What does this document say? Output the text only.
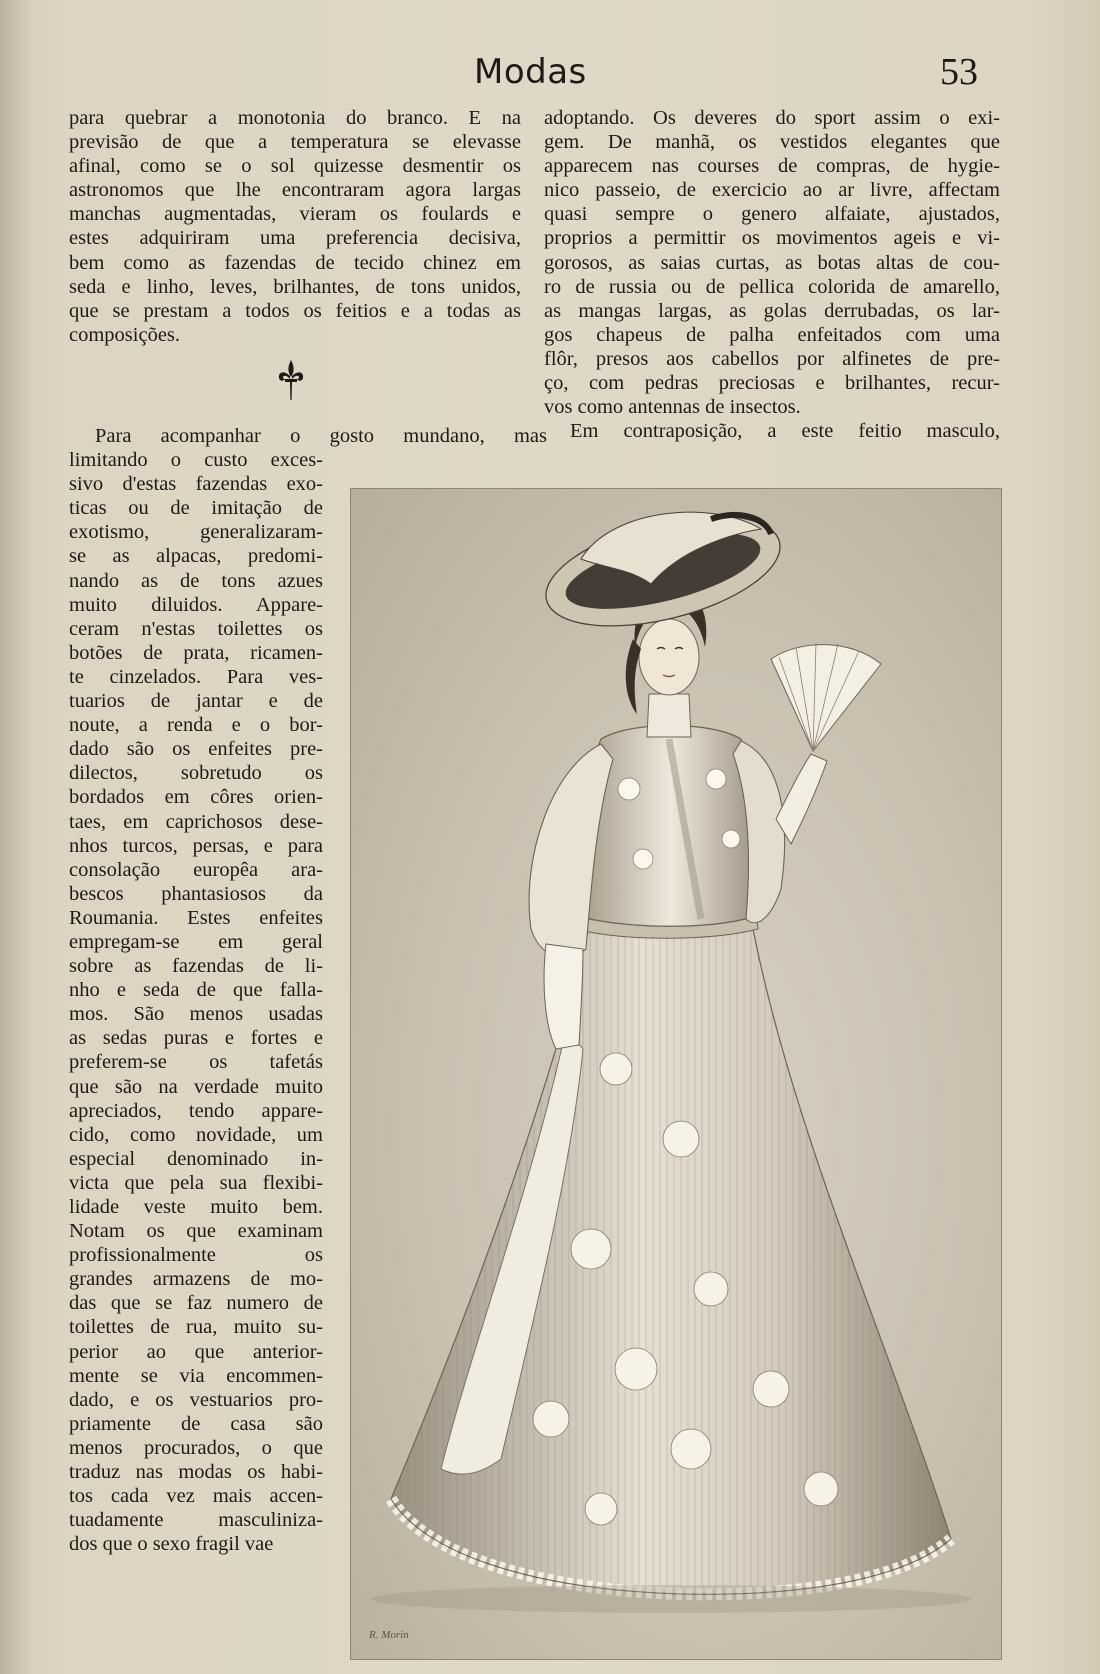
Modas	53
para quebrar a monotonia do branco. E na
previsão de que a temperatura se elevasse
afinal, como se o sol quizesse desmentir os
astronomos que lhe encontraram agora largas
manchas augmentadas, vieram os foulards e
estes adquiriram uma preferencia decisiva,
bem como as fazendas de tecido chinez em
seda e linho, leves, brilhantes, de tons unidos,
que se prestam a todos os feitios e a todas as
composições.
Para acompanhar o gosto mundano, mas
limitando o custo exces-
sivo d'estas fazendas exo-
ticas ou de imitação de
exotismo, generalizaram-
se as alpacas, predomi-
nando as de tons azues
muito diluidos. Appare-
ceram n'estas toilettes os
botões de prata, ricamen-
te cinzelados. Para ves-
tuarios de jantar e de
noute, a renda e o bor-
dado são os enfeites pre-
dilectos, sobretudo os
bordados em côres orien-
taes, em caprichosos dese-
nhos turcos, persas, e para
consolação europêa ara-
bescos phantasiosos da
Roumania. Estes enfeites
empregam-se em geral
sobre as fazendas de li-
nho e seda de que falla-
mos. São menos usadas
as sedas puras e fortes e
preferem-se os tafetás
que são na verdade muito
apreciados, tendo appare-
cido, como novidade, um
especial denominado in-
victa que pela sua flexibi-
lidade veste muito bem.
Notam os que examinam
profissionalmente os
grandes armazens de mo-
das que se faz numero de
toilettes de rua, muito su-
perior ao que anterior-
mente se via encommen-
dado, e os vestuarios pro-
priamente de casa são
menos procurados, o que
traduz nas modas os habi-
tos cada vez mais accen-
tuadamente masculiniza-
dos que o sexo fragil vae
adoptando. Os deveres do sport assim o exi-
gem. De manhã, os vestidos elegantes que
apparecem nas courses de compras, de hygie-
nico passeio, de exercicio ao ar livre, affectam
quasi sempre o genero alfaiate, ajustados,
proprios a permittir os movimentos ageis e vi-
gorosos, as saias curtas, as botas altas de cou-
ro de russia ou de pellica colorida de amarello,
as mangas largas, as golas derrubadas, os lar-
gos chapeus de palha enfeitados com uma
flôr, presos aos cabellos por alfinetes de pre-
ço, com pedras preciosas e brilhantes, recur-
vos como antennas de insectos.
Em contraposição, a este feitio masculo,
R. Morin
